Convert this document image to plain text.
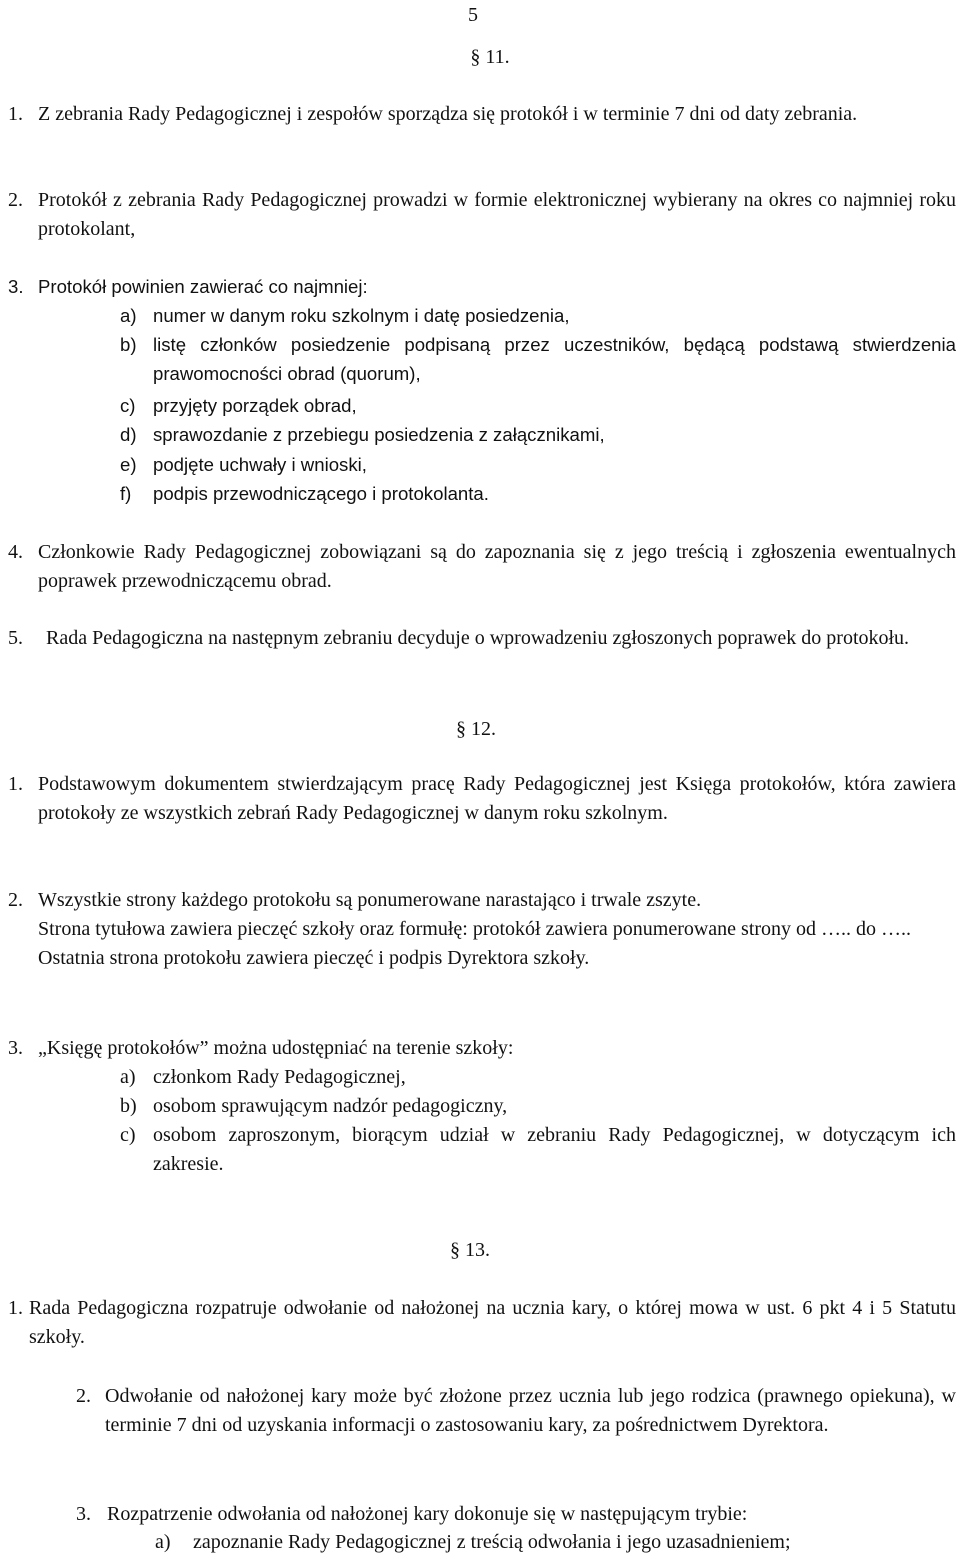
5
§ 11.
1. Z zebrania Rady Pedagogicznej i zespołów sporządza się protokół i w terminie 7 dni od daty zebrania.
2. Protokół z zebrania Rady Pedagogicznej prowadzi w formie elektronicznej wybierany na okres co najmniej roku protokolant,
3. Protokół powinien zawierać co najmniej:
a) numer w danym roku szkolnym i datę posiedzenia,
b) listę członków posiedzenie podpisaną przez uczestników, będącą podstawą stwierdzenia prawomocności obrad (quorum),
c) przyjęty porządek obrad,
d) sprawozdanie z przebiegu posiedzenia z załącznikami,
e) podjęte uchwały i wnioski,
f) podpis przewodniczącego i protokolanta.
4. Członkowie Rady Pedagogicznej zobowiązani są do zapoznania się z jego treścią i zgłoszenia ewentualnych poprawek przewodniczącemu obrad.
5. Rada Pedagogiczna na następnym zebraniu decyduje o wprowadzeniu zgłoszonych poprawek do protokołu.
§ 12.
1. Podstawowym dokumentem stwierdzającym pracę Rady Pedagogicznej jest Księga protokołów, która zawiera protokoły ze wszystkich zebrań Rady Pedagogicznej w danym roku szkolnym.
2. Wszystkie strony każdego protokołu są ponumerowane narastająco i trwale zszyte.
Strona tytułowa zawiera pieczęć szkoły oraz formułę: protokół zawiera ponumerowane strony od ….. do …..
Ostatnia strona protokołu zawiera pieczęć i podpis Dyrektora szkoły.
3. „Księgę protokołów” można udostępniać na terenie szkoły:
a) członkom Rady Pedagogicznej,
b) osobom sprawującym nadzór pedagogiczny,
c) osobom zaproszonym, biorącym udział w zebraniu Rady Pedagogicznej, w dotyczącym ich zakresie.
§ 13.
1. Rada Pedagogiczna rozpatruje odwołanie od nałożonej na ucznia kary, o której mowa w ust. 6 pkt 4 i 5 Statutu szkoły.
2. Odwołanie od nałożonej kary może być złożone przez ucznia lub jego rodzica (prawnego opiekuna), w terminie 7 dni od uzyskania informacji o zastosowaniu kary, za pośrednictwem Dyrektora.
3. Rozpatrzenie odwołania od nałożonej kary dokonuje się w następującym trybie:
a) zapoznanie Rady Pedagogicznej z treścią odwołania i jego uzasadnieniem;
